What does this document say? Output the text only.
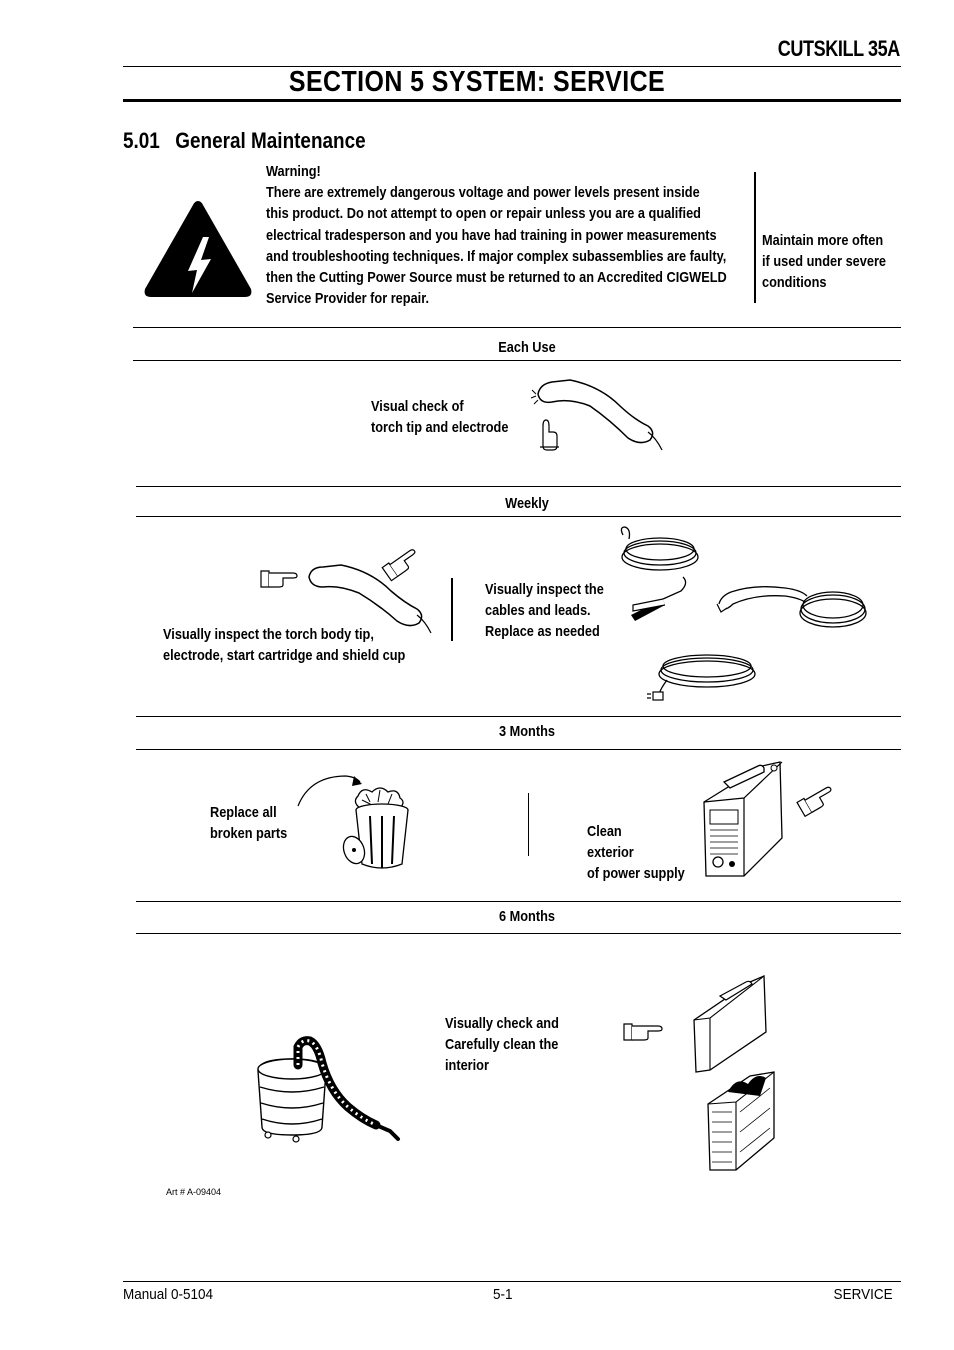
CUTSKILL 35A
SECTION 5 SYSTEM: SERVICE
5.01 General Maintenance
Warning!
There are extremely dangerous voltage and power levels present inside
this product. Do not attempt to open or repair unless you are a qualified
electrical tradesperson and you have had training in power measurements
and troubleshooting techniques. If major complex subassemblies are faulty,
then the Cutting Power Source must be returned to an Accredited CIGWELD
Service Provider for repair.
Maintain more often
if used under severe
conditions
Each Use
Visual check of
torch tip and electrode
Weekly
Visually inspect the torch body tip,
electrode, start cartridge and shield cup
Visually inspect the
cables and leads.
Replace as needed
3 Months
Replace all
broken parts	Clean
exterior
of power supply
6 Months
Visually check and
Carefully clean the
interior
Art # A-09404
Manual 0-5104	5-1	SERVICE
